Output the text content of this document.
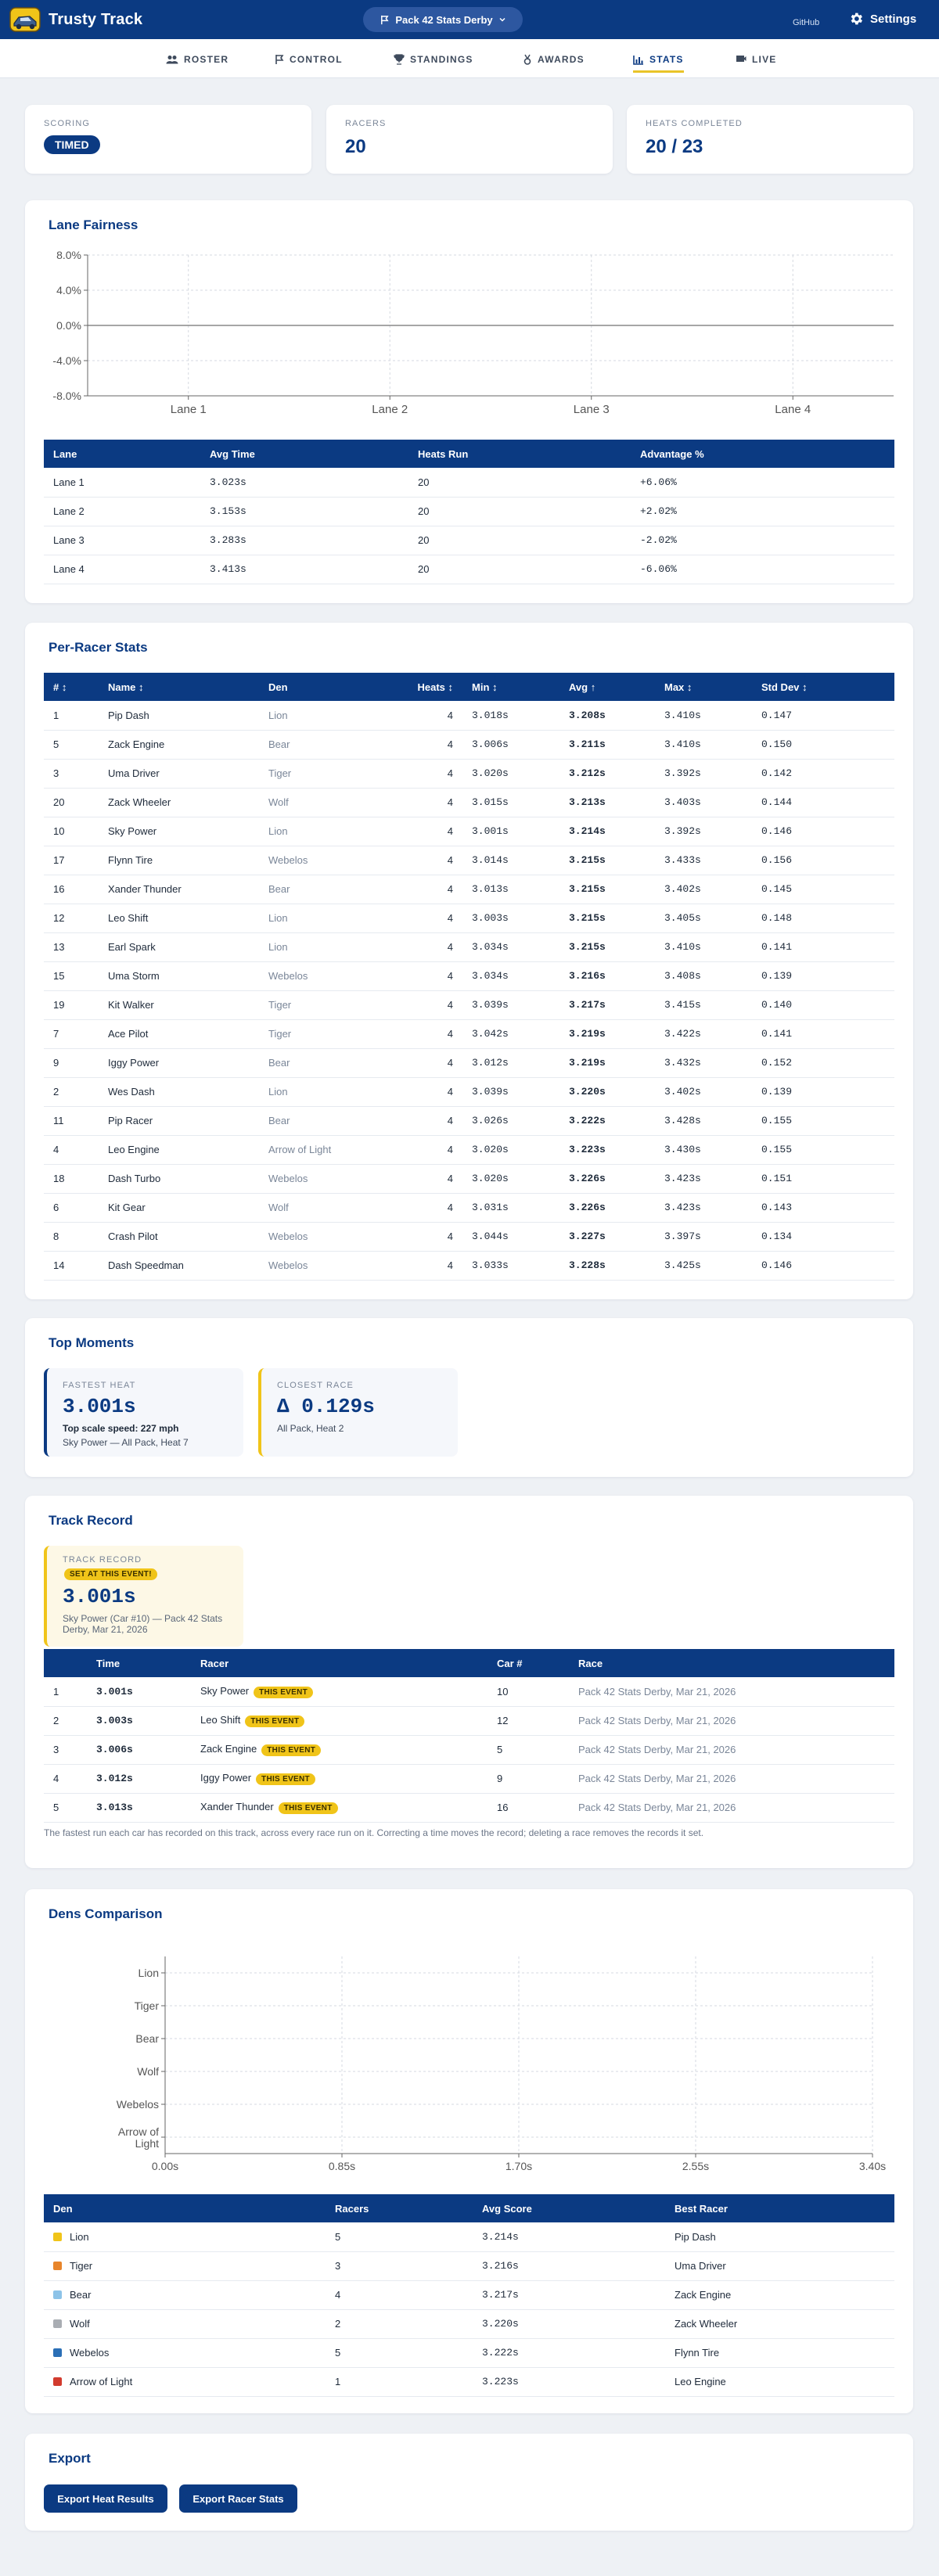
Trusty Track	Pack 42 Stats Derby	GitHub	Settings
ROSTER	CONTROL	STANDINGS	AWARDS	STATS	LIVE
SCORING
TIMED
RACERS
20
HEATS COMPLETED
20 / 23
Lane Fairness
8.0%
4.0%
0.0%
-4.0%
-8.0%
Lane 1	Lane 2	Lane 3	Lane 4
Lane	Avg Time	Heats Run	Advantage %
Lane 1	3.023s	20	+6.06%
Lane 2	3.153s	20	+2.02%
Lane 3	3.283s	20	-2.02%
Lane 4	3.413s	20	-6.06%
Per-Racer Stats
# ↕	Name ↕	Den	Heats ↕	Min ↕	Avg ↑	Max ↕	Std Dev ↕
1	Pip Dash	Lion	4	3.018s	3.208s	3.410s	0.147
5	Zack Engine	Bear	4	3.006s	3.211s	3.410s	0.150
3	Uma Driver	Tiger	4	3.020s	3.212s	3.392s	0.142
20	Zack Wheeler	Wolf	4	3.015s	3.213s	3.403s	0.144
10	Sky Power	Lion	4	3.001s	3.214s	3.392s	0.146
17	Flynn Tire	Webelos	4	3.014s	3.215s	3.433s	0.156
16	Xander Thunder	Bear	4	3.013s	3.215s	3.402s	0.145
12	Leo Shift	Lion	4	3.003s	3.215s	3.405s	0.148
13	Earl Spark	Lion	4	3.034s	3.215s	3.410s	0.141
15	Uma Storm	Webelos	4	3.034s	3.216s	3.408s	0.139
19	Kit Walker	Tiger	4	3.039s	3.217s	3.415s	0.140
7	Ace Pilot	Tiger	4	3.042s	3.219s	3.422s	0.141
9	Iggy Power	Bear	4	3.012s	3.219s	3.432s	0.152
2	Wes Dash	Lion	4	3.039s	3.220s	3.402s	0.139
11	Pip Racer	Bear	4	3.026s	3.222s	3.428s	0.155
4	Leo Engine	Arrow of Light	4	3.020s	3.223s	3.430s	0.155
18	Dash Turbo	Webelos	4	3.020s	3.226s	3.423s	0.151
6	Kit Gear	Wolf	4	3.031s	3.226s	3.423s	0.143
8	Crash Pilot	Webelos	4	3.044s	3.227s	3.397s	0.134
14	Dash Speedman	Webelos	4	3.033s	3.228s	3.425s	0.146
Top Moments
FASTEST HEAT
3.001s
Top scale speed: 227 mph
Sky Power — All Pack, Heat 7
CLOSEST RACE
Δ 0.129s
All Pack, Heat 2
Track Record
TRACK RECORD
SET AT THIS EVENT!
3.001s
Sky Power (Car #10) — Pack 42 Stats Derby, Mar 21, 2026
	Time	Racer	Car #	Race
1	3.001s	Sky Power THIS EVENT	10	Pack 42 Stats Derby, Mar 21, 2026
2	3.003s	Leo Shift THIS EVENT	12	Pack 42 Stats Derby, Mar 21, 2026
3	3.006s	Zack Engine THIS EVENT	5	Pack 42 Stats Derby, Mar 21, 2026
4	3.012s	Iggy Power THIS EVENT	9	Pack 42 Stats Derby, Mar 21, 2026
5	3.013s	Xander Thunder THIS EVENT	16	Pack 42 Stats Derby, Mar 21, 2026
The fastest run each car has recorded on this track, across every race run on it. Correcting a time moves the record; deleting a race removes the records it set.
Dens Comparison
0.00s	0.85s	1.70s	2.55s	3.40s
Lion
Tiger
Bear
Wolf
Webelos
Arrow of Light
Den	Racers	Avg Score	Best Racer
Lion	5	3.214s	Pip Dash
Tiger	3	3.216s	Uma Driver
Bear	4	3.217s	Zack Engine
Wolf	2	3.220s	Zack Wheeler
Webelos	5	3.222s	Flynn Tire
Arrow of Light	1	3.223s	Leo Engine
Export
Export Heat Results	Export Racer Stats
